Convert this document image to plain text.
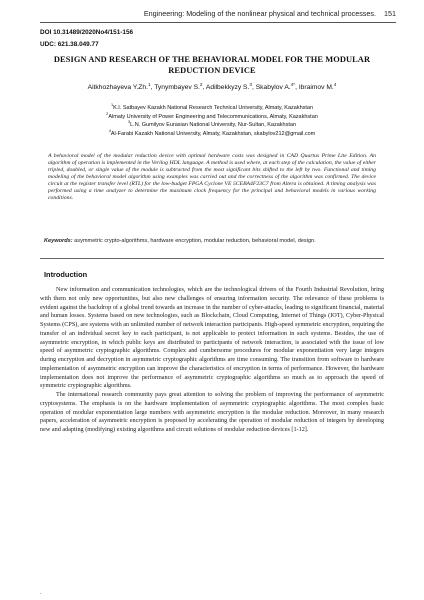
Engineering: Modeling of the nonlinear physical and technical processes. 151
DOI 10.31489/2020No4/151-156
UDC: 621.38.049.77
DESIGN AND RESEARCH OF THE BEHAVIORAL MODEL FOR THE MODULAR REDUCTION DEVICE
Aitkhozhayeva Y.Zh.$^1$, Tynymbayev S.$^2$, Adilbekkyzy S.$^3$, Skabylov A.$^{4*}$, Ibraimov M.$^4$
$^1$K.I. Satbayev Kazakh National Research Technical University, Almaty, Kazakhstan
$^2$Almaty University of Power Engineering and Telecommunications, Almaty, Kazakhstan
$^3$L.N. Gumilyov Eurasian National University, Nur-Sultan, Kazakhstan
$^4$Al-Farabi Kazakh National University, Almaty, Kazakhstan, skabylov212@gmail.com
A behavioral model of the modular reduction device with optimal hardware costs was designed in CAD Quartus Prime Lite Edition. An algorithm of operation is implemented in the Verilog HDL language. A method is used where, at each step of the calculation, the value of either tripled, doubled, or single value of the module is subtracted from the most significant bits shifted to the left by two. Functional and timing modeling of the behavioral model algorithm using examples was carried out and the correctness of the algorithm was confirmed. The device circuit at the register transfer level (RTL) for the low-budget FPGA Cyclone VE 5CEBA4F23C7 from Altera is obtained. A timing analysis was performed using a time analyzer to determine the maximum clock frequency for the principal and behavioral models in various working conditions.
Keywords: asymmetric crypto-algorithms, hardware encryption, modular reduction, behavioral model, design.
Introduction

New information and communication technologies, which are the technological drivers of the Fourth Industrial Revolution, bring with them not only new opportunities, but also new challenges of ensuring information security. The relevance of these problems is evident against the backdrop of a global trend towards an increase in the number of cyber-attacks, leading to significant financial, material and human losses. Systems based on new technologies, such as Blockchain, Cloud Computing, Internet of Things (IOT), Cyber-Physical Systems (CPS), are systems with an unlimited number of network interaction participants. High-speed symmetric encryption, requiring the transfer of an individual secret key to each participant, is not applicable to protect information in such systems. Besides, the use of asymmetric encryption, in which public keys are distributed to participants of network interaction, is associated with the issue of low speed of asymmetric cryptographic algorithms. Complex and cumbersome procedures for modular exponentiation very large integers during encryption and decryption in asymmetric cryptographic algorithms are time consuming. The transition from software to hardware implementation of asymmetric encryption can improve the characteristics of encryption in terms of performance. However, the hardware implementation does not improve the performance of asymmetric cryptographic algorithms so much as to approach the speed of symmetric cryptographic algorithms.

The international research community pays great attention to solving the problem of improving the performance of asymmetric cryptosystems. The emphasis is on the hardware implementation of asymmetric cryptographic algorithms. The most complex basic operation of modular exponentiation large numbers with asymmetric encryption is the modular reduction. Moreover, in many research papers, acceleration of asymmetric encryption is proposed by accelerating the operation of modular reduction of integers by developing new and adapting (modifying) existing algorithms and circuit solutions of modular reduction devices [1-12].

.
